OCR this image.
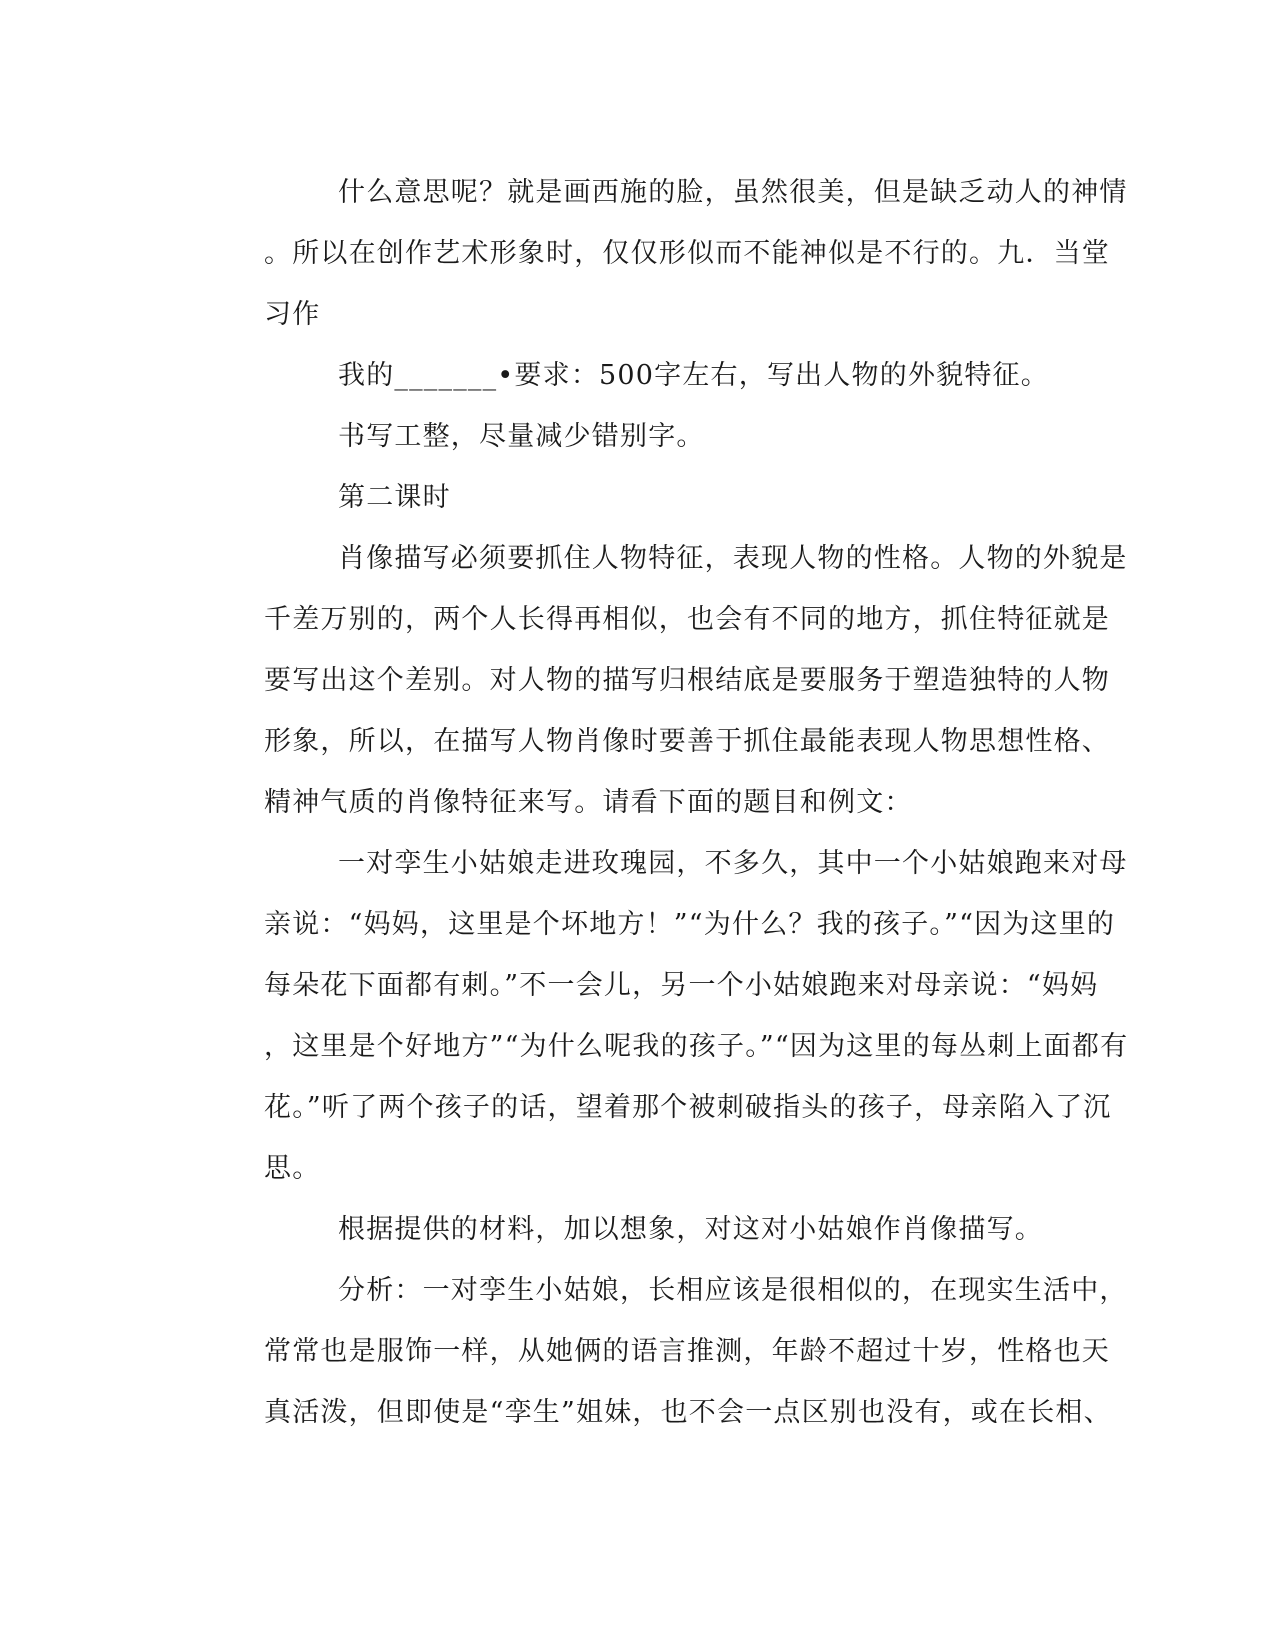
什么意思呢？就是画西施的脸，虽然很美，但是缺乏动人的神情
。所以在创作艺术形象时，仅仅形似而不能神似是不行的。九．当堂
习作
我的_______•要求：500字左右，写出人物的外貌特征。
书写工整，尽量减少错别字。
第二课时
肖像描写必须要抓住人物特征，表现人物的性格。人物的外貌是
千差万别的，两个人长得再相似，也会有不同的地方，抓住特征就是
要写出这个差别。对人物的描写归根结底是要服务于塑造独特的人物
形象，所以，在描写人物肖像时要善于抓住最能表现人物思想性格、
精神气质的肖像特征来写。请看下面的题目和例文：
一对孪生小姑娘走进玫瑰园，不多久，其中一个小姑娘跑来对母
亲说：“妈妈，这里是个坏地方！”“为什么？我的孩子。”“因为这里的
每朵花下面都有刺。”不一会儿，另一个小姑娘跑来对母亲说：“妈妈
，这里是个好地方”“为什么呢我的孩子。”“因为这里的每丛刺上面都有
花。”听了两个孩子的话，望着那个被刺破指头的孩子，母亲陷入了沉
思。
根据提供的材料，加以想象，对这对小姑娘作肖像描写。
分析：一对孪生小姑娘，长相应该是很相似的，在现实生活中，
常常也是服饰一样，从她俩的语言推测，年龄不超过十岁，性格也天
真活泼，但即使是“孪生”姐妹，也不会一点区别也没有，或在长相、
